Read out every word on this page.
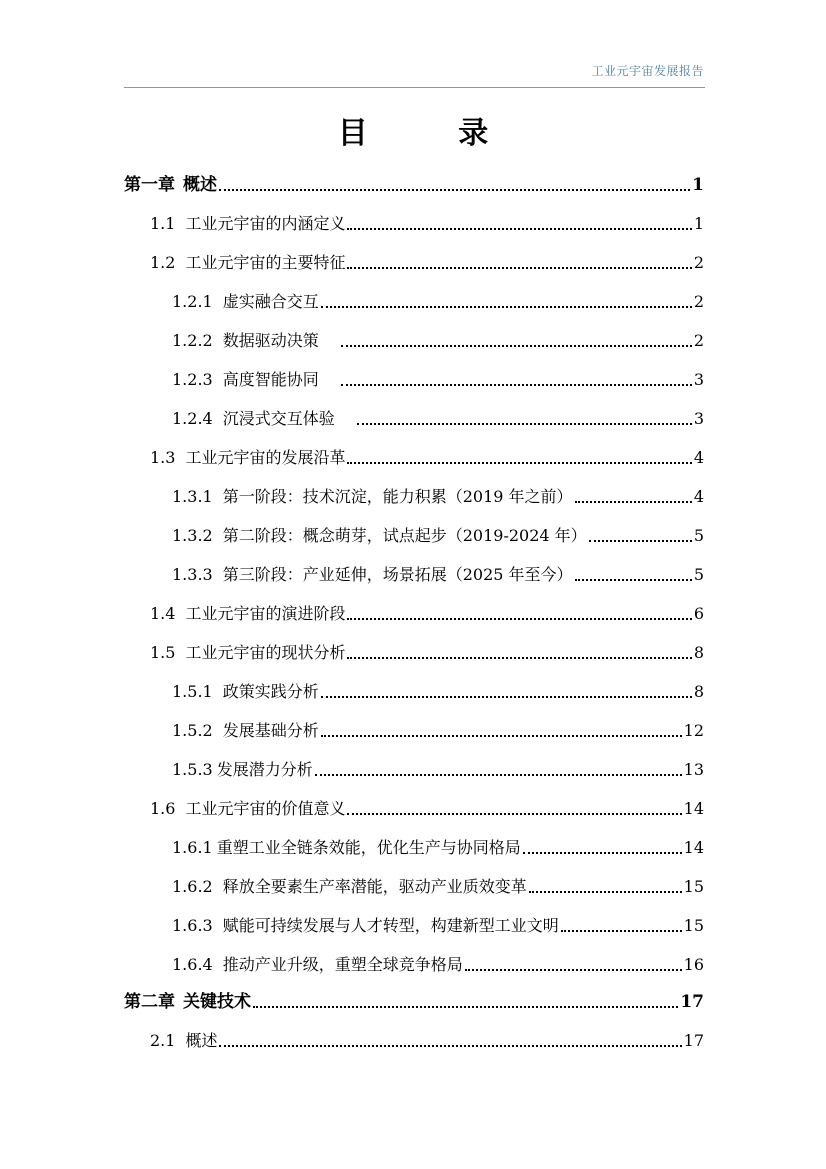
工业元宇宙发展报告
目 录
第一章 概述	1
1.1 工业元宇宙的内涵定义	1
1.2 工业元宇宙的主要特征	2
1.2.1 虚实融合交互	2
1.2.2 数据驱动决策	2
1.2.3 高度智能协同	3
1.2.4 沉浸式交互体验	3
1.3 工业元宇宙的发展沿革	4
1.3.1 第一阶段：技术沉淀，能力积累（2019 年之前）	4
1.3.2 第二阶段：概念萌芽，试点起步（2019-2024 年）	5
1.3.3 第三阶段：产业延伸，场景拓展（2025 年至今）	5
1.4 工业元宇宙的演进阶段	6
1.5 工业元宇宙的现状分析	8
1.5.1 政策实践分析	8
1.5.2 发展基础分析	12
1.5.3 发展潜力分析	13
1.6 工业元宇宙的价值意义	14
1.6.1 重塑工业全链条效能，优化生产与协同格局	14
1.6.2 释放全要素生产率潜能，驱动产业质效变革	15
1.6.3 赋能可持续发展与人才转型，构建新型工业文明	15
1.6.4 推动产业升级，重塑全球竞争格局	16
第二章 关键技术	17
2.1 概述	17
